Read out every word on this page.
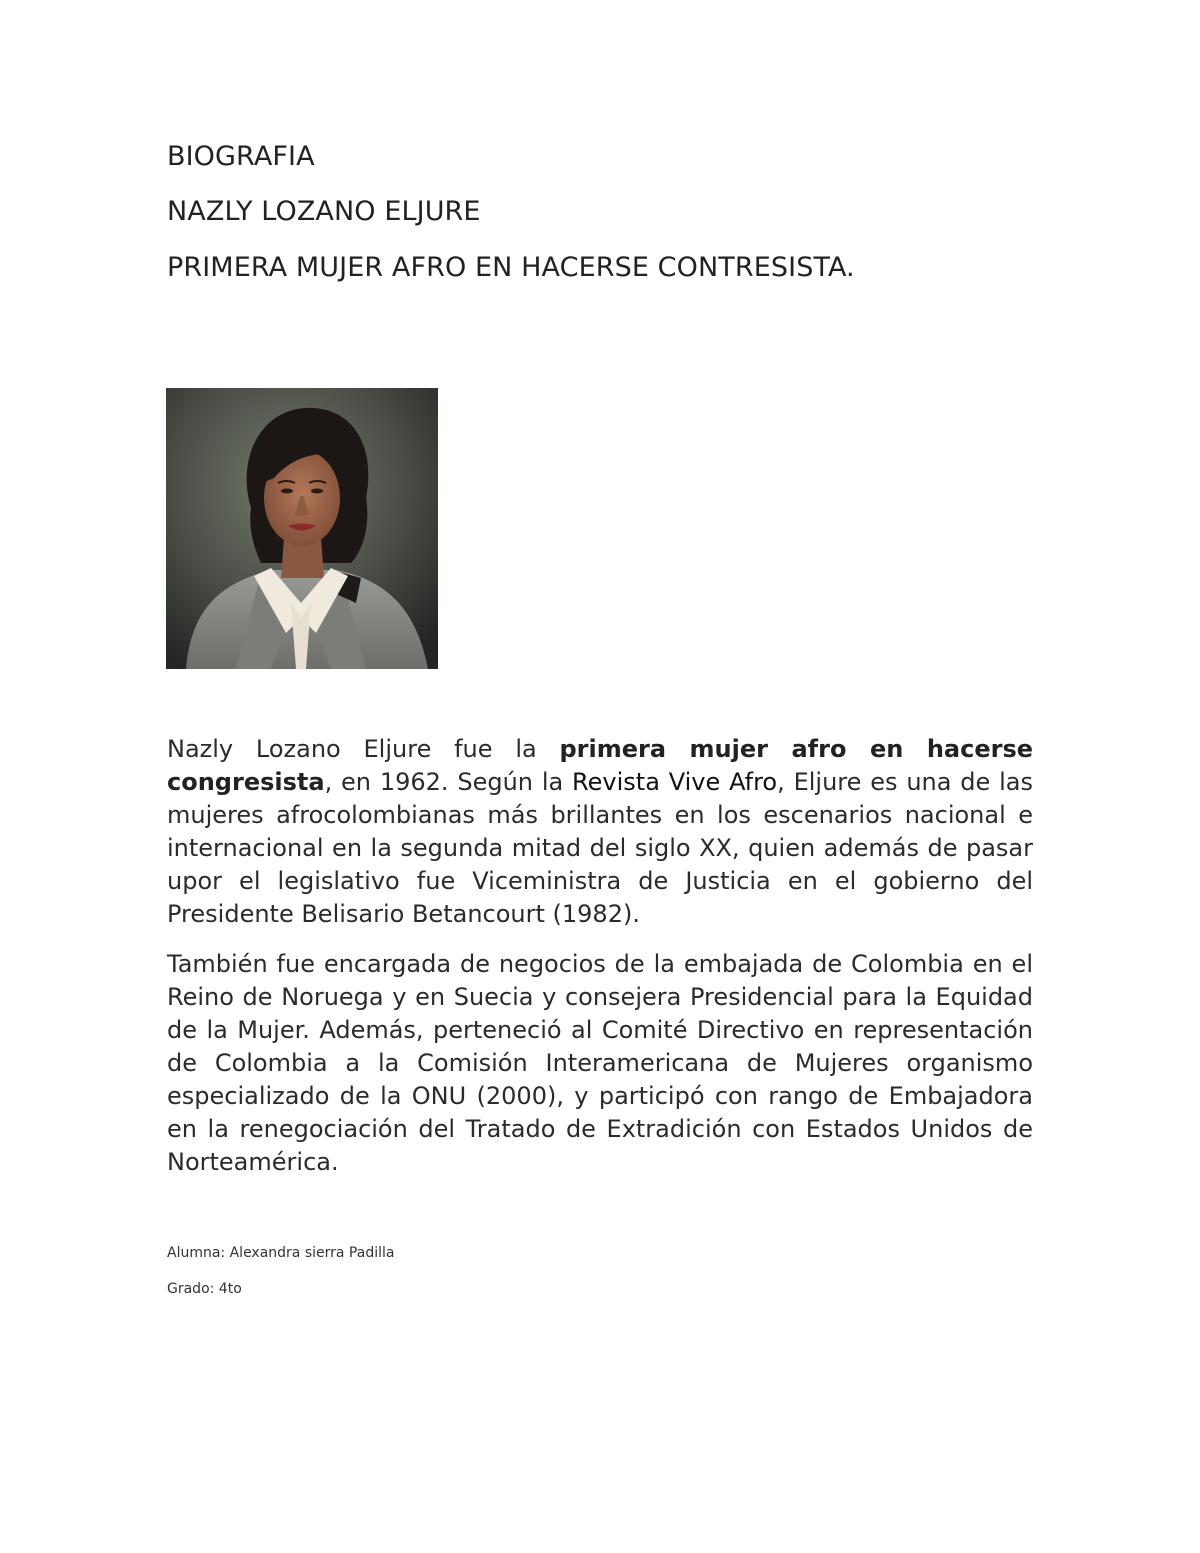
BIOGRAFIA
NAZLY LOZANO ELJURE
PRIMERA MUJER AFRO EN HACERSE CONTRESISTA.

Nazly Lozano Eljure fue la primera mujer afro en hacerse congresista, en 1962. Según la Revista Vive Afro, Eljure es una de las mujeres afrocolombianas más brillantes en los escenarios nacional e internacional en la segunda mitad del siglo XX, quien además de pasar upor el legislativo fue Viceministra de Justicia en el gobierno del Presidente Belisario Betancourt (1982).

También fue encargada de negocios de la embajada de Colombia en el Reino de Noruega y en Suecia y consejera Presidencial para la Equidad de la Mujer. Además, perteneció al Comité Directivo en representación de Colombia a la Comisión Interamericana de Mujeres organismo especializado de la ONU (2000), y participó con rango de Embajadora en la renegociación del Tratado de Extradición con Estados Unidos de Norteamérica.

Alumna: Alexandra sierra Padilla
Grado: 4to
